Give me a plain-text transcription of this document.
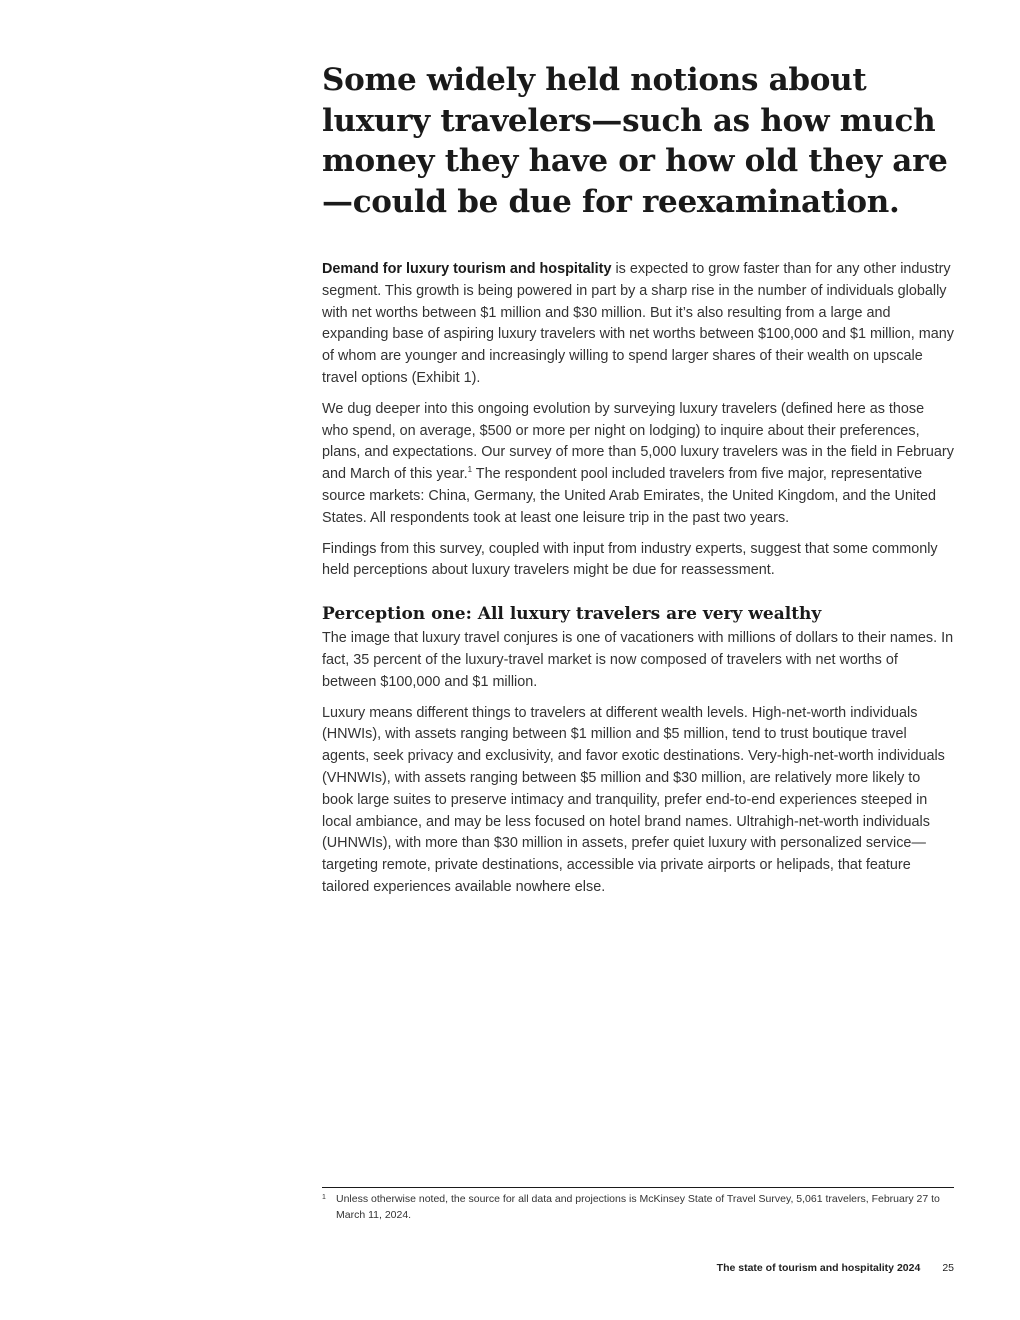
Some widely held notions about luxury travelers—such as how much money they have or how old they are—could be due for reexamination.

Demand for luxury tourism and hospitality is expected to grow faster than for any other industry segment. This growth is being powered in part by a sharp rise in the number of individuals globally with net worths between $1 million and $30 million. But it’s also resulting from a large and expanding base of aspiring luxury travelers with net worths between $100,000 and $1 million, many of whom are younger and increasingly willing to spend larger shares of their wealth on upscale travel options (Exhibit 1).

We dug deeper into this ongoing evolution by surveying luxury travelers (defined here as those who spend, on average, $500 or more per night on lodging) to inquire about their preferences, plans, and expectations. Our survey of more than 5,000 luxury travelers was in the field in February and March of this year.$^1$ The respondent pool included travelers from five major, representative source markets: China, Germany, the United Arab Emirates, the United Kingdom, and the United States. All respondents took at least one leisure trip in the past two years.

Findings from this survey, coupled with input from industry experts, suggest that some commonly held perceptions about luxury travelers might be due for reassessment.

Perception one: All luxury travelers are very wealthy

The image that luxury travel conjures is one of vacationers with millions of dollars to their names. In fact, 35 percent of the luxury-travel market is now composed of travelers with net worths of between $100,000 and $1 million.

Luxury means different things to travelers at different wealth levels. High-net-worth individuals (HNWIs), with assets ranging between $1 million and $5 million, tend to trust boutique travel agents, seek privacy and exclusivity, and favor exotic destinations. Very-high-net-worth individuals (VHNWIs), with assets ranging between $5 million and $30 million, are relatively more likely to book large suites to preserve intimacy and tranquility, prefer end-to-end experiences steeped in local ambiance, and may be less focused on hotel brand names. Ultrahigh-net-worth individuals (UHNWIs), with more than $30 million in assets, prefer quiet luxury with personalized service—targeting remote, private destinations, accessible via private airports or helipads, that feature tailored experiences available nowhere else.

1 Unless otherwise noted, the source for all data and projections is McKinsey State of Travel Survey, 5,061 travelers, February 27 to March 11, 2024.
The state of tourism and hospitality 2024 25
